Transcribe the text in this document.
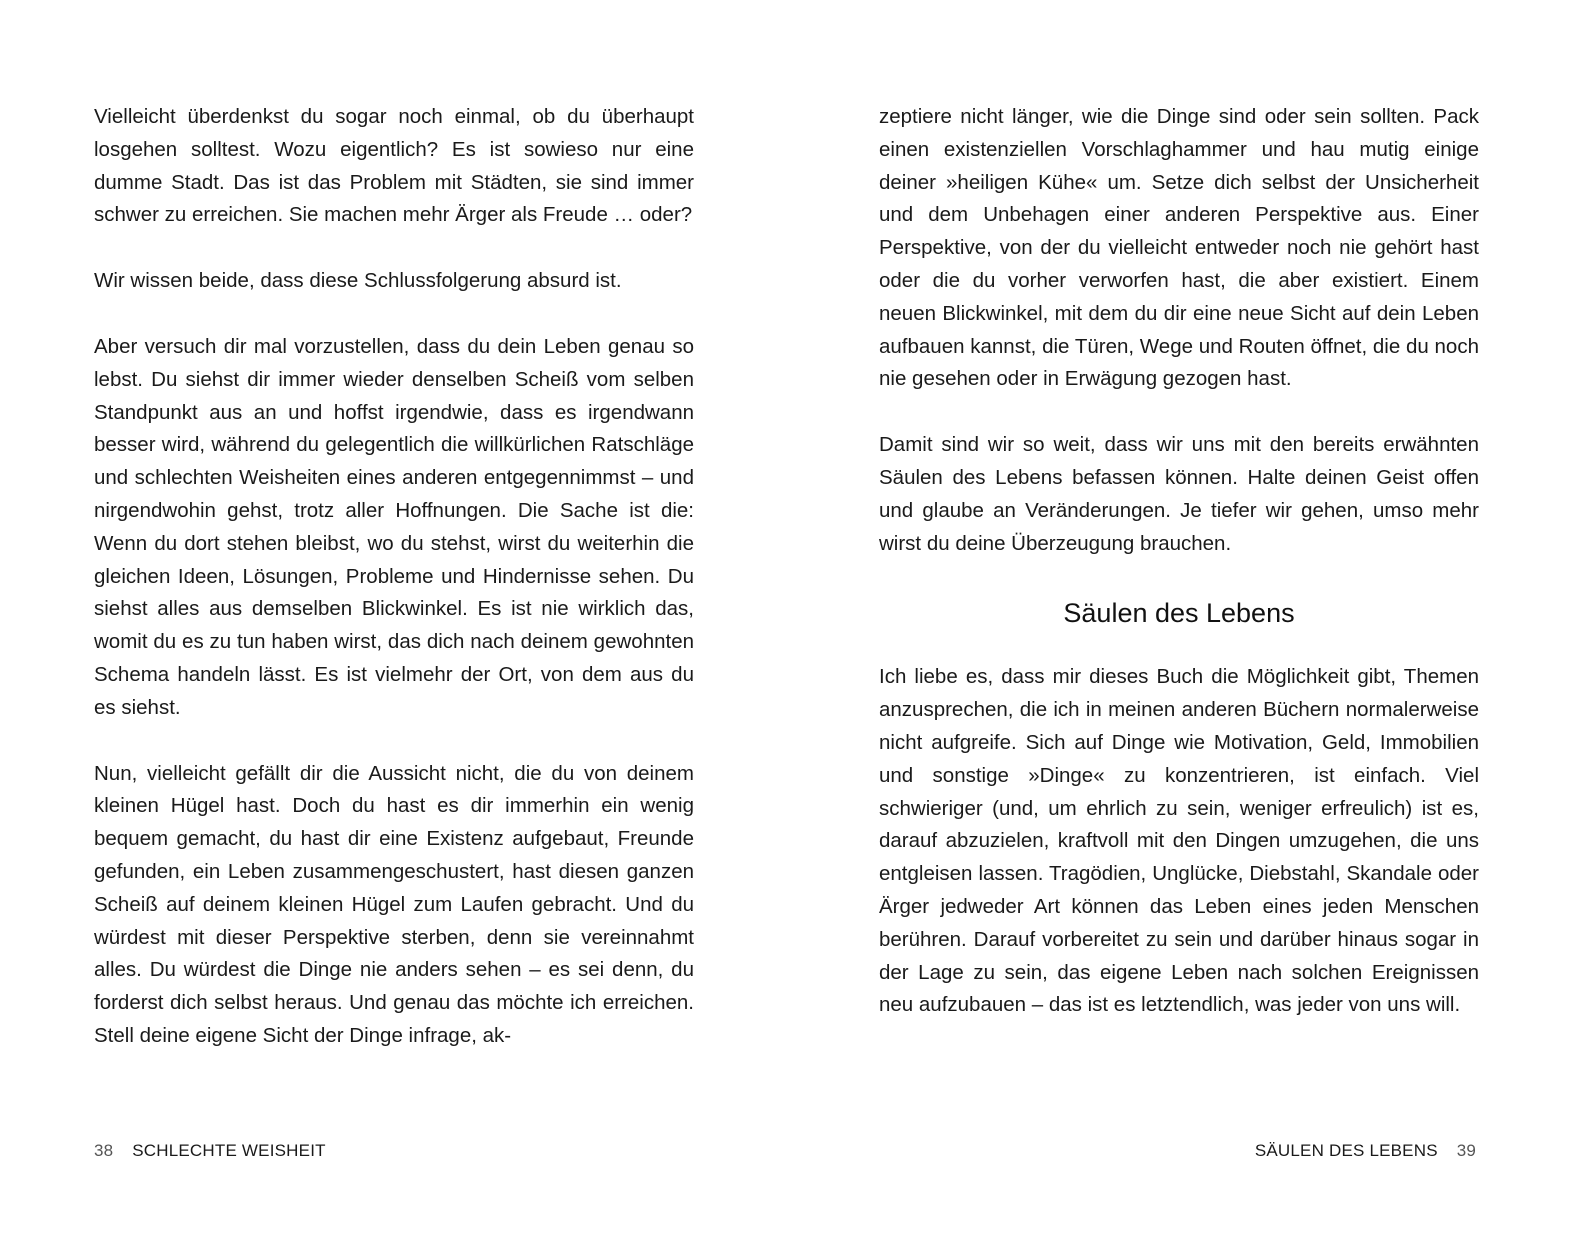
Vielleicht überdenkst du sogar noch einmal, ob du überhaupt losgehen solltest. Wozu eigentlich? Es ist sowieso nur eine dumme Stadt. Das ist das Problem mit Städten, sie sind immer schwer zu erreichen. Sie machen mehr Ärger als Freude … oder?

Wir wissen beide, dass diese Schlussfolgerung absurd ist.

Aber versuch dir mal vorzustellen, dass du dein Leben genau so lebst. Du siehst dir immer wieder denselben Scheiß vom selben Standpunkt aus an und hoffst irgendwie, dass es irgendwann besser wird, während du gelegentlich die willkürlichen Ratschläge und schlechten Weisheiten eines anderen entgegennimmst – und nirgendwohin gehst, trotz aller Hoffnungen. Die Sache ist die: Wenn du dort stehen bleibst, wo du stehst, wirst du weiterhin die gleichen Ideen, Lösungen, Probleme und Hindernisse sehen. Du siehst alles aus demselben Blickwinkel. Es ist nie wirklich das, womit du es zu tun haben wirst, das dich nach deinem gewohnten Schema handeln lässt. Es ist vielmehr der Ort, von dem aus du es siehst.

Nun, vielleicht gefällt dir die Aussicht nicht, die du von deinem kleinen Hügel hast. Doch du hast es dir immerhin ein wenig bequem gemacht, du hast dir eine Existenz aufgebaut, Freunde gefunden, ein Leben zusammengeschustert, hast diesen ganzen Scheiß auf deinem kleinen Hügel zum Laufen gebracht. Und du würdest mit dieser Perspektive sterben, denn sie vereinnahmt alles. Du würdest die Dinge nie anders sehen – es sei denn, du forderst dich selbst heraus. Und genau das möchte ich erreichen. Stell deine eigene Sicht der Dinge infrage, ak-

38 SCHLECHTE WEISHEIT

zeptiere nicht länger, wie die Dinge sind oder sein sollten. Pack einen existenziellen Vorschlaghammer und hau mutig einige deiner »heiligen Kühe« um. Setze dich selbst der Unsicherheit und dem Unbehagen einer anderen Perspektive aus. Einer Perspektive, von der du vielleicht entweder noch nie gehört hast oder die du vorher verworfen hast, die aber existiert. Einem neuen Blickwinkel, mit dem du dir eine neue Sicht auf dein Leben aufbauen kannst, die Türen, Wege und Routen öffnet, die du noch nie gesehen oder in Erwägung gezogen hast.

Damit sind wir so weit, dass wir uns mit den bereits erwähnten Säulen des Lebens befassen können. Halte deinen Geist offen und glaube an Veränderungen. Je tiefer wir gehen, umso mehr wirst du deine Überzeugung brauchen.

Säulen des Lebens

Ich liebe es, dass mir dieses Buch die Möglichkeit gibt, Themen anzusprechen, die ich in meinen anderen Büchern normalerweise nicht aufgreife. Sich auf Dinge wie Motivation, Geld, Immobilien und sonstige »Dinge« zu konzentrieren, ist einfach. Viel schwieriger (und, um ehrlich zu sein, weniger erfreulich) ist es, darauf abzuzielen, kraftvoll mit den Dingen umzugehen, die uns entgleisen lassen. Tragödien, Unglücke, Diebstahl, Skandale oder Ärger jedweder Art können das Leben eines jeden Menschen berühren. Darauf vorbereitet zu sein und darüber hinaus sogar in der Lage zu sein, das eigene Leben nach solchen Ereignissen neu aufzubauen – das ist es letztendlich, was jeder von uns will.

SÄULEN DES LEBENS 39
